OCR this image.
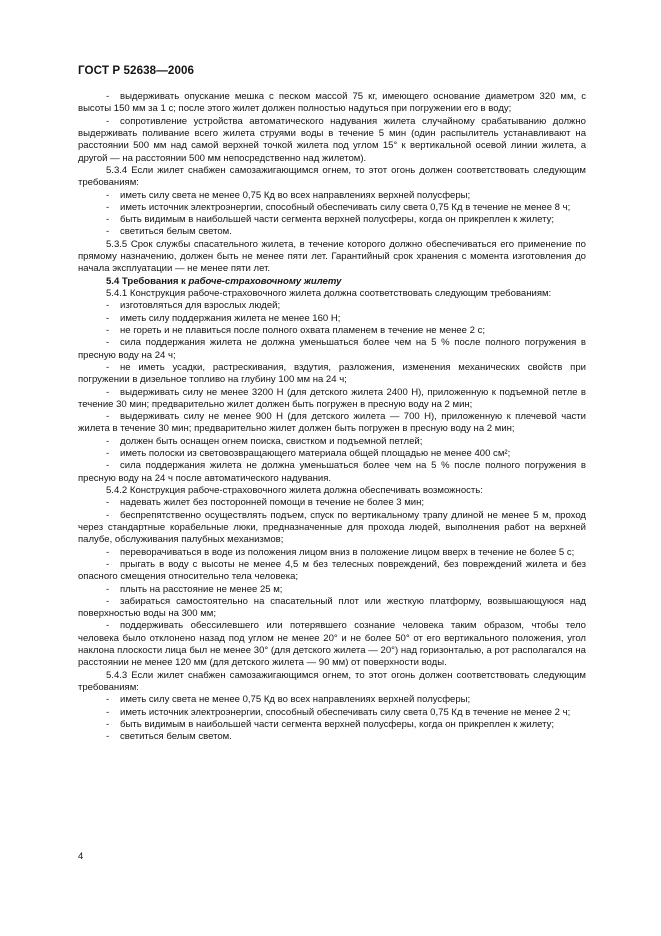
ГОСТ Р 52638—2006

- выдерживать опускание мешка с песком массой 75 кг, имеющего основание диаметром 320 мм, с высоты 150 мм за 1 с; после этого жилет должен полностью надуться при погружении его в воду;

- сопротивление устройства автоматического надувания жилета случайному срабатыванию должно выдерживать поливание всего жилета струями воды в течение 5 мин (один распылитель устанавливают на расстоянии 500 мм над самой верхней точкой жилета под углом 15° к вертикальной осевой линии жилета, а другой — на расстоянии 500 мм непосредственно над жилетом).

5.3.4 Если жилет снабжен самозажигающимся огнем, то этот огонь должен соответствовать следующим требованиям:

- иметь силу света не менее 0,75 Кд во всех направлениях верхней полусферы;

- иметь источник электроэнергии, способный обеспечивать силу света 0,75 Кд в течение не менее 8 ч;

- быть видимым в наибольшей части сегмента верхней полусферы, когда он прикреплен к жилету;

- светиться белым светом.

5.3.5 Срок службы спасательного жилета, в течение которого должно обеспечиваться его применение по прямому назначению, должен быть не менее пяти лет. Гарантийный срок хранения с момента изготовления до начала эксплуатации — не менее пяти лет.

5.4 Требования к рабоче-страховочному жилету

5.4.1 Конструкция рабоче-страховочного жилета должна соответствовать следующим требованиям:

- изготовляться для взрослых людей;

- иметь силу поддержания жилета не менее 160 Н;

- не гореть и не плавиться после полного охвата пламенем в течение не менее 2 с;

- сила поддержания жилета не должна уменьшаться более чем на 5 % после полного погружения в пресную воду на 24 ч;

- не иметь усадки, растрескивания, вздутия, разложения, изменения механических свойств при погружении в дизельное топливо на глубину 100 мм на 24 ч;

- выдерживать силу не менее 3200 Н (для детского жилета 2400 Н), приложенную к подъемной петле в течение 30 мин; предварительно жилет должен быть погружен в пресную воду на 2 мин;

- выдерживать силу не менее 900 Н (для детского жилета — 700 Н), приложенную к плечевой части жилета в течение 30 мин; предварительно жилет должен быть погружен в пресную воду на 2 мин;

- должен быть оснащен огнем поиска, свистком и подъемной петлей;

- иметь полоски из световозвращающего материала общей площадью не менее 400 см²;

- сила поддержания жилета не должна уменьшаться более чем на 5 % после полного погружения в пресную воду на 24 ч после автоматического надувания.

5.4.2 Конструкция рабоче-страховочного жилета должна обеспечивать возможность:

- надевать жилет без посторонней помощи в течение не более 3 мин;

- беспрепятственно осуществлять подъем, спуск по вертикальному трапу длиной не менее 5 м, проход через стандартные корабельные люки, предназначенные для прохода людей, выполнения работ на верхней палубе, обслуживания палубных механизмов;

- переворачиваться в воде из положения лицом вниз в положение лицом вверх в течение не более 5 с;

- прыгать в воду с высоты не менее 4,5 м без телесных повреждений, без повреждений жилета и без опасного смещения относительно тела человека;

- плыть на расстояние не менее 25 м;

- забираться самостоятельно на спасательный плот или жесткую платформу, возвышающуюся над поверхностью воды на 300 мм;

- поддерживать обессилевшего или потерявшего сознание человека таким образом, чтобы тело человека было отклонено назад под углом не менее 20° и не более 50° от его вертикального положения, угол наклона плоскости лица был не менее 30° (для детского жилета — 20°) над горизонталью, а рот располагался на расстоянии не менее 120 мм (для детского жилета — 90 мм) от поверхности воды.

5.4.3 Если жилет снабжен самозажигающимся огнем, то этот огонь должен соответствовать следующим требованиям:

- иметь силу света не менее 0,75 Кд во всех направлениях верхней полусферы;

- иметь источник электроэнергии, способный обеспечивать силу света 0,75 Кд в течение не менее 2 ч;

- быть видимым в наибольшей части сегмента верхней полусферы, когда он прикреплен к жилету;

- светиться белым светом.

4
